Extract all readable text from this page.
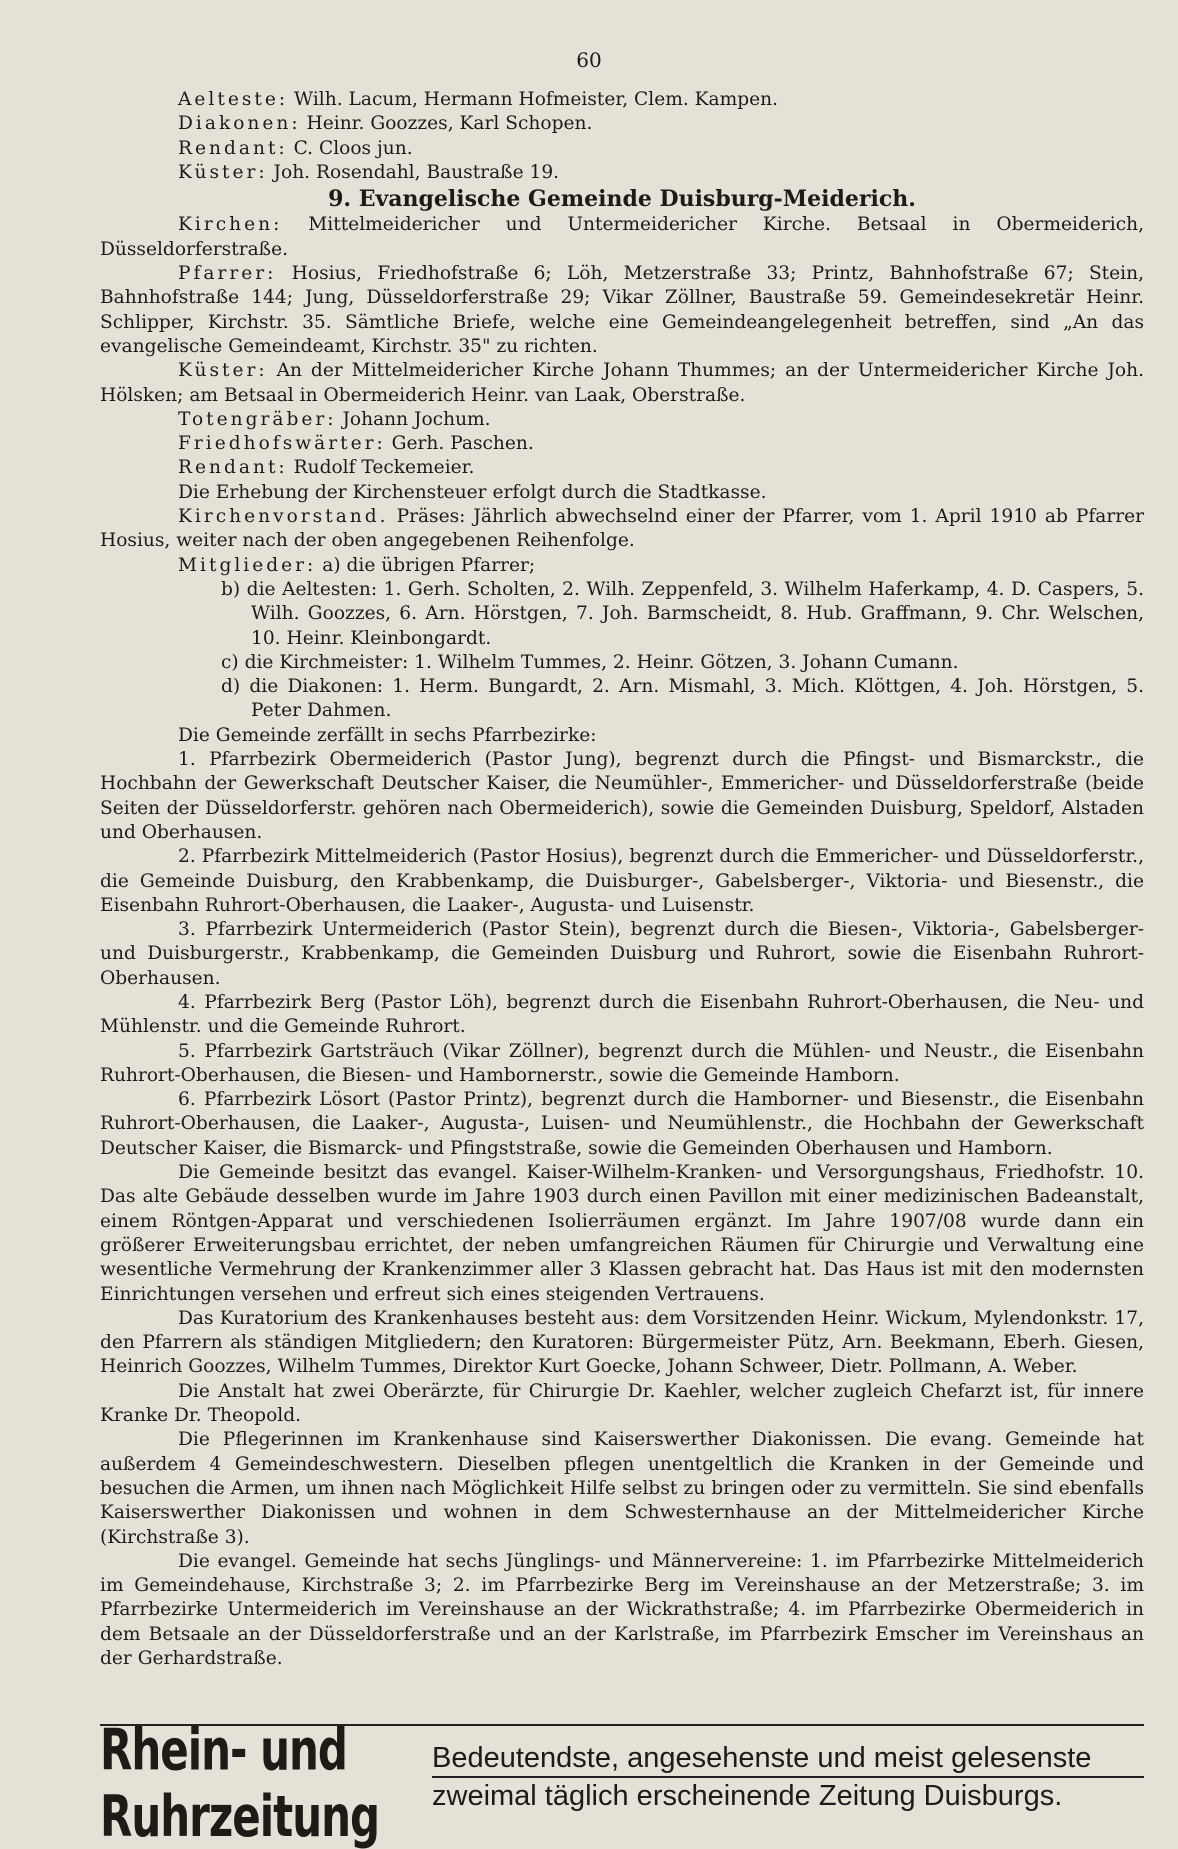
60

Aelteste: Wilh. Lacum, Hermann Hofmeister, Clem. Kampen.

Diakonen: Heinr. Goozzes, Karl Schopen.

Rendant: C. Cloos jun.

Küster: Joh. Rosendahl, Baustraße 19.

9. Evangelische Gemeinde Duisburg-Meiderich.

Kirchen: Mittelmeidericher und Untermeidericher Kirche. Betsaal in Obermeiderich, Düsseldorferstraße.

Pfarrer: Hosius, Friedhofstraße 6; Löh, Metzerstraße 33; Printz, Bahnhofstraße 67; Stein, Bahnhofstraße 144; Jung, Düsseldorferstraße 29; Vikar Zöllner, Baustraße 59. Gemeindesekretär Heinr. Schlipper, Kirchstr. 35. Sämtliche Briefe, welche eine Gemeindeangelegenheit betreffen, sind „An das evangelische Gemeindeamt, Kirchstr. 35" zu richten.

Küster: An der Mittelmeidericher Kirche Johann Thummes; an der Untermeidericher Kirche Joh. Hölsken; am Betsaal in Obermeiderich Heinr. van Laak, Oberstraße.

Totengräber: Johann Jochum.

Friedhofswärter: Gerh. Paschen.

Rendant: Rudolf Teckemeier.

Die Erhebung der Kirchensteuer erfolgt durch die Stadtkasse.

Kirchenvorstand. Präses: Jährlich abwechselnd einer der Pfarrer, vom 1. April 1910 ab Pfarrer Hosius, weiter nach der oben angegebenen Reihenfolge.

Mitglieder: a) die übrigen Pfarrer;

b) die Aeltesten: 1. Gerh. Scholten, 2. Wilh. Zeppenfeld, 3. Wilhelm Haferkamp, 4. D. Caspers, 5. Wilh. Goozzes, 6. Arn. Hörstgen, 7. Joh. Barmscheidt, 8. Hub. Graffmann, 9. Chr. Welschen, 10. Heinr. Kleinbongardt.

c) die Kirchmeister: 1. Wilhelm Tummes, 2. Heinr. Götzen, 3. Johann Cumann.

d) die Diakonen: 1. Herm. Bungardt, 2. Arn. Mismahl, 3. Mich. Klöttgen, 4. Joh. Hörstgen, 5. Peter Dahmen.

Die Gemeinde zerfällt in sechs Pfarrbezirke:

1. Pfarrbezirk Obermeiderich (Pastor Jung), begrenzt durch die Pfingst- und Bismarckstr., die Hochbahn der Gewerkschaft Deutscher Kaiser, die Neumühler-, Emmericher- und Düsseldorferstraße (beide Seiten der Düsseldorferstr. gehören nach Obermeiderich), sowie die Gemeinden Duisburg, Speldorf, Alstaden und Oberhausen.

2. Pfarrbezirk Mittelmeiderich (Pastor Hosius), begrenzt durch die Emmericher- und Düsseldorferstr., die Gemeinde Duisburg, den Krabbenkamp, die Duisburger-, Gabelsberger-, Viktoria- und Biesenstr., die Eisenbahn Ruhrort-Oberhausen, die Laaker-, Augusta- und Luisenstr.

3. Pfarrbezirk Untermeiderich (Pastor Stein), begrenzt durch die Biesen-, Viktoria-, Gabelsberger- und Duisburgerstr., Krabbenkamp, die Gemeinden Duisburg und Ruhrort, sowie die Eisenbahn Ruhrort-Oberhausen.

4. Pfarrbezirk Berg (Pastor Löh), begrenzt durch die Eisenbahn Ruhrort-Oberhausen, die Neu- und Mühlenstr. und die Gemeinde Ruhrort.

5. Pfarrbezirk Gartsträuch (Vikar Zöllner), begrenzt durch die Mühlen- und Neustr., die Eisenbahn Ruhrort-Oberhausen, die Biesen- und Hambornerstr., sowie die Gemeinde Hamborn.

6. Pfarrbezirk Lösort (Pastor Printz), begrenzt durch die Hamborner- und Biesenstr., die Eisenbahn Ruhrort-Oberhausen, die Laaker-, Augusta-, Luisen- und Neumühlenstr., die Hochbahn der Gewerkschaft Deutscher Kaiser, die Bismarck- und Pfingststraße, sowie die Gemeinden Oberhausen und Hamborn.

Die Gemeinde besitzt das evangel. Kaiser-Wilhelm-Kranken- und Versorgungshaus, Friedhofstr. 10. Das alte Gebäude desselben wurde im Jahre 1903 durch einen Pavillon mit einer medizinischen Badeanstalt, einem Röntgen-Apparat und verschiedenen Isolierräumen ergänzt. Im Jahre 1907/08 wurde dann ein größerer Erweiterungsbau errichtet, der neben umfangreichen Räumen für Chirurgie und Verwaltung eine wesentliche Vermehrung der Krankenzimmer aller 3 Klassen gebracht hat. Das Haus ist mit den modernsten Einrichtungen versehen und erfreut sich eines steigenden Vertrauens.

Das Kuratorium des Krankenhauses besteht aus: dem Vorsitzenden Heinr. Wickum, Mylendonkstr. 17, den Pfarrern als ständigen Mitgliedern; den Kuratoren: Bürgermeister Pütz, Arn. Beekmann, Eberh. Giesen, Heinrich Goozzes, Wilhelm Tummes, Direktor Kurt Goecke, Johann Schweer, Dietr. Pollmann, A. Weber.

Die Anstalt hat zwei Oberärzte, für Chirurgie Dr. Kaehler, welcher zugleich Chefarzt ist, für innere Kranke Dr. Theopold.

Die Pflegerinnen im Krankenhause sind Kaiserswerther Diakonissen. Die evang. Gemeinde hat außerdem 4 Gemeindeschwestern. Dieselben pflegen unentgeltlich die Kranken in der Gemeinde und besuchen die Armen, um ihnen nach Möglichkeit Hilfe selbst zu bringen oder zu vermitteln. Sie sind ebenfalls Kaiserswerther Diakonissen und wohnen in dem Schwesternhause an der Mittelmeidericher Kirche (Kirchstraße 3).

Die evangel. Gemeinde hat sechs Jünglings- und Männervereine: 1. im Pfarrbezirke Mittelmeiderich im Gemeindehause, Kirchstraße 3; 2. im Pfarrbezirke Berg im Vereinshause an der Metzerstraße; 3. im Pfarrbezirke Untermeiderich im Vereinshause an der Wickrathstraße; 4. im Pfarrbezirke Obermeiderich in dem Betsaale an der Düsseldorferstraße und an der Karlstraße, im Pfarrbezirk Emscher im Vereinshaus an der Gerhardstraße.

Rhein- und Ruhrzeitung
Bedeutendste, angesehenste und meist gelesenste
zweimal täglich erscheinende Zeitung Duisburgs.
